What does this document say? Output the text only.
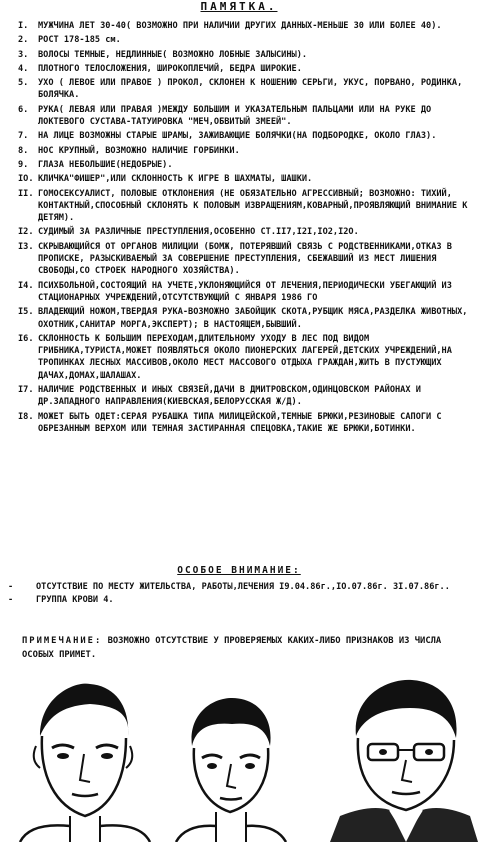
ПАМЯТКА.
I. МУЖЧИНА ЛЕТ 30-40( ВОЗМОЖНО ПРИ НАЛИЧИИ ДРУГИХ ДАННЫХ-МЕНЬШЕ 30 ИЛИ БОЛЕЕ 40).
2. РОСТ 178-185 см.
3. ВОЛОСЫ ТЕМНЫЕ, НЕДЛИННЫЕ( ВОЗМОЖНО ЛОБНЫЕ ЗАЛЫСИНЫ).
4. ПЛОТНОГО ТЕЛОСЛОЖЕНИЯ, ШИРОКОПЛЕЧИЙ, БЕДРА ШИРОКИЕ.
5. УХО ( ЛЕВОЕ ИЛИ ПРАВОЕ ) ПРОКОЛ, СКЛОНЕН К НОШЕНИЮ СЕРЬГИ, УКУС, ПОРВАНО, РОДИНКА, БОЛЯЧКА.
6. РУКА( ЛЕВАЯ ИЛИ ПРАВАЯ )МЕЖДУ БОЛЬШИМ И УКАЗАТЕЛЬНЫМ ПАЛЬЦАМИ ИЛИ НА РУКЕ ДО ЛОКТЕВОГО СУСТАВА-ТАТУИРОВКА "МЕЧ,ОБВИТЫЙ ЗМЕЕЙ".
7. НА ЛИЦЕ ВОЗМОЖНЫ СТАРЫЕ ШРАМЫ, ЗАЖИВАЮЩИЕ БОЛЯЧКИ(НА ПОДБОРОДКЕ, ОКОЛО ГЛАЗ).
8. НОС КРУПНЫЙ, ВОЗМОЖНО НАЛИЧИЕ ГОРБИНКИ.
9. ГЛАЗА НЕБОЛЬШИЕ(НЕДОБРЫЕ).
IO. КЛИЧКА"ФИШЕР",ИЛИ СКЛОННОСТЬ К ИГРЕ В ШАХМАТЫ, ШАШКИ.
II. ГОМОСЕКСУАЛИСТ, ПОЛОВЫЕ ОТКЛОНЕНИЯ (НЕ ОБЯЗАТЕЛЬНО АГРЕССИВНЫЙ; ВОЗМОЖНО: ТИХИЙ, КОНТАКТНЫЙ,СПОСОБНЫЙ СКЛОНЯТЬ К ПОЛОВЫМ ИЗВРАЩЕНИЯМ,КОВАРНЫЙ,ПРОЯВЛЯЮЩИЙ ВНИМАНИЕ К ДЕТЯМ).
I2. СУДИМЫЙ ЗА РАЗЛИЧНЫЕ ПРЕСТУПЛЕНИЯ,ОСОБЕННО СТ.II7,I2I,IO2,I2O.
I3. СКРЫВАЮЩИЙСЯ ОТ ОРГАНОВ МИЛИЦИИ (БОМЖ, ПОТЕРЯВШИЙ СВЯЗЬ С РОДСТВЕННИКАМИ,ОТКАЗ В ПРОПИСКЕ, РАЗЫСКИВАЕМЫЙ ЗА СОВЕРШЕНИЕ ПРЕСТУПЛЕНИЯ, СБЕЖАВШИЙ ИЗ МЕСТ ЛИШЕНИЯ СВОБОДЫ,СО СТРОЕК НАРОДНОГО ХОЗЯЙСТВА).
I4. ПСИХБОЛЬНОЙ,СОСТОЯЩИЙ НА УЧЕТЕ,УКЛОНЯЮЩИЙСЯ ОТ ЛЕЧЕНИЯ,ПЕРИОДИЧЕСКИ УБЕГАЮЩИЙ ИЗ СТАЦИОНАРНЫХ УЧРЕЖДЕНИЙ,ОТСУТСТВУЮЩИЙ С ЯНВАРЯ 1986 ГО
I5. ВЛАДЕЮЩИЙ НОЖОМ,ТВЕРДАЯ РУКА-ВОЗМОЖНО ЗАБОЙЩИК СКОТА,РУБЩИК МЯСА,РАЗДЕЛКА ЖИВОТНЫХ, ОХОТНИК,САНИТАР МОРГА,ЭКСПЕРТ); В НАСТОЯЩЕМ,БЫВШИЙ.
I6. СКЛОННОСТЬ К БОЛЬШИМ ПЕРЕХОДАМ,ДЛИТЕЛЬНОМУ УХОДУ В ЛЕС ПОД ВИДОМ ГРИБНИКА,ТУРИСТА,МОЖЕТ ПОЯВЛЯТЬСЯ ОКОЛО ПИОНЕРСКИХ ЛАГЕРЕЙ,ДЕТСКИХ УЧРЕЖДЕНИЙ,НА ТРОПИНКАХ ЛЕСНЫХ МАССИВОВ,ОКОЛО МЕСТ МАССОВОГО ОТДЫХА ГРАЖДАН,ЖИТЬ В ПУСТУЮЩИХ ДАЧАХ,ДОМАХ,ШАЛАШАХ.
I7. НАЛИЧИЕ РОДСТВЕННЫХ И ИНЫХ СВЯЗЕЙ,ДАЧИ В ДМИТРОВСКОМ,ОДИНЦОВСКОМ РАЙОНАХ И ДР.ЗАПАДНОГО НАПРАВЛЕНИЯ(КИЕВСКАЯ,БЕЛОРУССКАЯ Ж/Д).
I8. МОЖЕТ БЫТЬ ОДЕТ:СЕРАЯ РУБАШКА ТИПА МИЛИЦЕЙСКОЙ,ТЕМНЫЕ БРЮКИ,РЕЗИНОВЫЕ САПОГИ С ОБРЕЗАННЫМ ВЕРХОМ ИЛИ ТЕМНАЯ ЗАСТИРАННАЯ СПЕЦОВКА,ТАКИЕ ЖЕ БРЮКИ,БОТИНКИ.
ОСОБОЕ ВНИМАНИЕ:
-	ОТСУТСТВИЕ ПО МЕСТУ ЖИТЕЛЬСТВА, РАБОТЫ,ЛЕЧЕНИЯ I9.04.86г.,IO.07.86г. 3I.07.86г..
-	ГРУППА КРОВИ 4.
ПРИМЕЧАНИЕ: ВОЗМОЖНО ОТСУТСТВИЕ У ПРОВЕРЯЕМЫХ КАКИХ-ЛИБО ПРИЗНАКОВ ИЗ ЧИСЛА ОСОБЫХ ПРИМЕТ.
